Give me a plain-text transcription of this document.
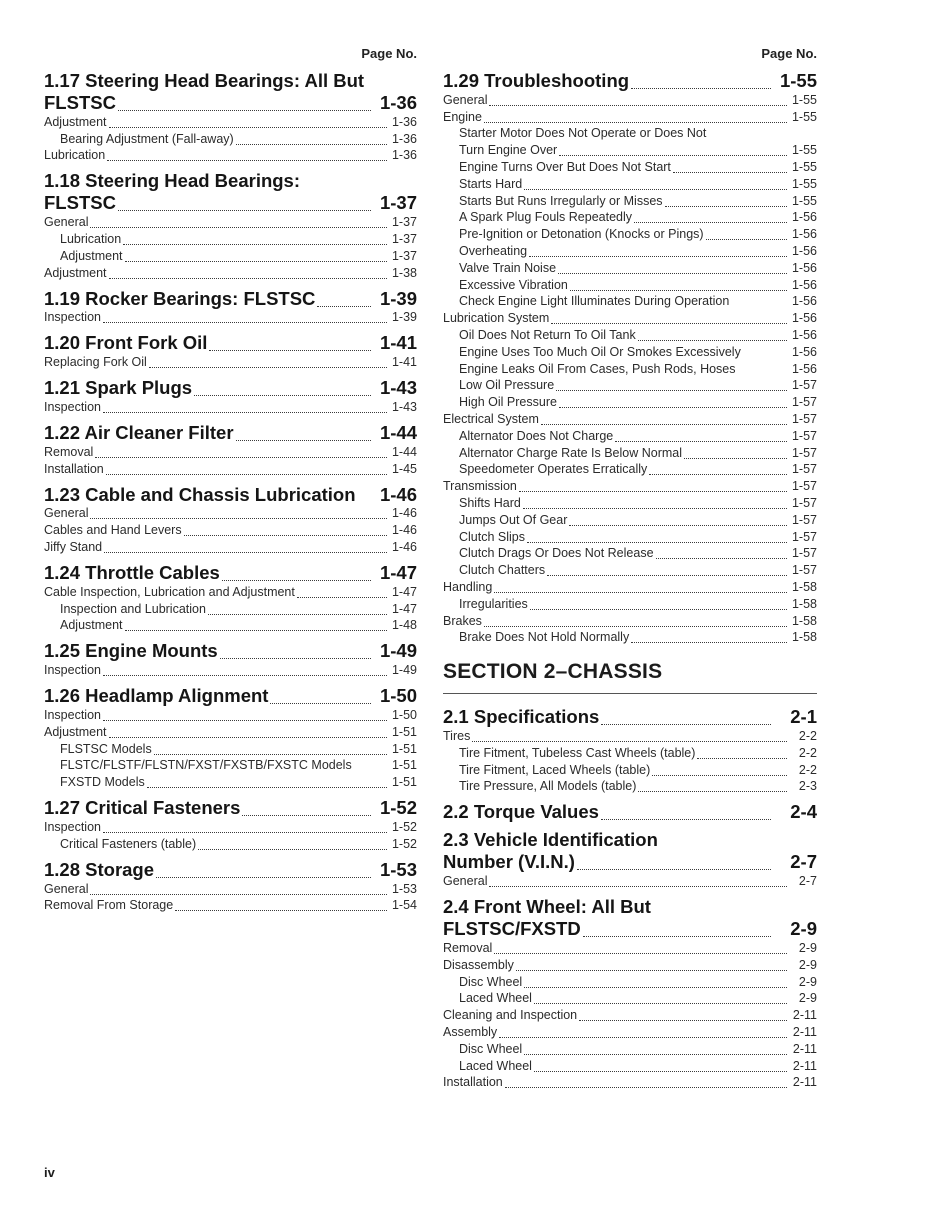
Page No.
1.17 Steering Head Bearings: All But
FLSTSC	1-36
Adjustment	1-36
Bearing Adjustment (Fall-away)	1-36
Lubrication	1-36
1.18 Steering Head Bearings:
FLSTSC	1-37
General	1-37
Lubrication	1-37
Adjustment	1-37
Adjustment	1-38
1.19 Rocker Bearings: FLSTSC	1-39
Inspection	1-39
1.20 Front Fork Oil	1-41
Replacing Fork Oil	1-41
1.21 Spark Plugs	1-43
Inspection	1-43
1.22 Air Cleaner Filter	1-44
Removal	1-44
Installation	1-45
1.23 Cable and Chassis Lubrication	1-46
General	1-46
Cables and Hand Levers	1-46
Jiffy Stand	1-46
1.24 Throttle Cables	1-47
Cable Inspection, Lubrication and Adjustment	1-47
Inspection and Lubrication	1-47
Adjustment	1-48
1.25 Engine Mounts	1-49
Inspection	1-49
1.26 Headlamp Alignment	1-50
Inspection	1-50
Adjustment	1-51
FLSTSC Models	1-51
FLSTC/FLSTF/FLSTN/FXST/FXSTB/FXSTC Models	1-51
FXSTD Models	1-51
1.27 Critical Fasteners	1-52
Inspection	1-52
Critical Fasteners (table)	1-52
1.28 Storage	1-53
General	1-53
Removal From Storage	1-54
Page No.
1.29 Troubleshooting	1-55
General	1-55
Engine	1-55
Starter Motor Does Not Operate or Does Not
Turn Engine Over	1-55
Engine Turns Over But Does Not Start	1-55
Starts Hard	1-55
Starts But Runs Irregularly or Misses	1-55
A Spark Plug Fouls Repeatedly	1-56
Pre-Ignition or Detonation (Knocks or Pings)	1-56
Overheating	1-56
Valve Train Noise	1-56
Excessive Vibration	1-56
Check Engine Light Illuminates During Operation	1-56
Lubrication System	1-56
Oil Does Not Return To Oil Tank	1-56
Engine Uses Too Much Oil Or Smokes Excessively	1-56
Engine Leaks Oil From Cases, Push Rods, Hoses	1-56
Low Oil Pressure	1-57
High Oil Pressure	1-57
Electrical System	1-57
Alternator Does Not Charge	1-57
Alternator Charge Rate Is Below Normal	1-57
Speedometer Operates Erratically	1-57
Transmission	1-57
Shifts Hard	1-57
Jumps Out Of Gear	1-57
Clutch Slips	1-57
Clutch Drags Or Does Not Release	1-57
Clutch Chatters	1-57
Handling	1-58
Irregularities	1-58
Brakes	1-58
Brake Does Not Hold Normally	1-58
SECTION 2–CHASSIS
2.1 Specifications	2-1
Tires	2-2
Tire Fitment, Tubeless Cast Wheels (table)	2-2
Tire Fitment, Laced Wheels (table)	2-2
Tire Pressure, All Models (table)	2-3
2.2 Torque Values	2-4
2.3 Vehicle Identification
Number (V.I.N.)	2-7
General	2-7
2.4 Front Wheel: All But
FLSTSC/FXSTD	2-9
Removal	2-9
Disassembly	2-9
Disc Wheel	2-9
Laced Wheel	2-9
Cleaning and Inspection	2-11
Assembly	2-11
Disc Wheel	2-11
Laced Wheel	2-11
Installation	2-11
iv
